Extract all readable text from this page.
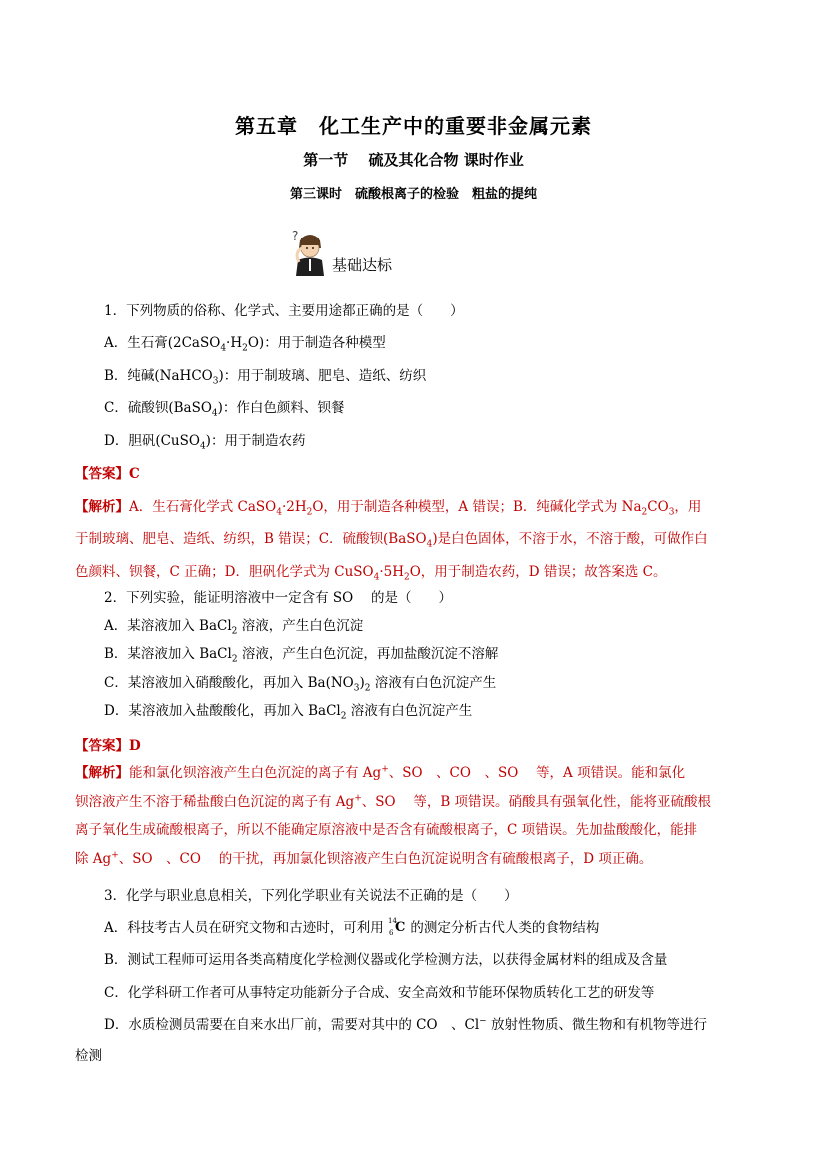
第五章　化工生产中的重要非金属元素
第一节　 硫及其化合物 课时作业
第三课时　硫酸根离子的检验　粗盐的提纯
?
基础达标
1．下列物质的俗称、化学式、主要用途都正确的是（　　）
A．生石膏$(2CaSO_4\cdot H_2O)$：用于制造各种模型
B．纯碱(NaHCO$_3$)：用于制玻璃、肥皂、造纸、纺织
C．硫酸钡(BaSO$_4$)：作白色颜料、钡餐
D．胆矾(CuSO$_4$)：用于制造农药
【答案】C
【解析】A．生石膏化学式 $CaSO_4\cdot 2H_2O$，用于制造各种模型，A 错误；B．纯碱化学式为 $Na_2CO_3$，用
于制玻璃、肥皂、造纸、纺织，B 错误；C．硫酸钡(BaSO$_4$)是白色固体，不溶于水，不溶于酸，可做作白
色颜料、钡餐，C 正确；D．胆矾化学式为 $CuSO_4\cdot 5H_2O$，用于制造农药，D 错误；故答案选 C。
2．下列实验，能证明溶液中一定含有 SO　 的是（　　）
A．某溶液加入 BaCl$_2$ 溶液，产生白色沉淀
B．某溶液加入 BaCl$_2$ 溶液，产生白色沉淀，再加盐酸沉淀不溶解
C．某溶液加入硝酸酸化，再加入 $Ba(NO_3)_2$ 溶液有白色沉淀产生
D．某溶液加入盐酸酸化，再加入 BaCl$_2$ 溶液有白色沉淀产生
【答案】D
【解析】能和氯化钡溶液产生白色沉淀的离子有 Ag+、SO　、CO　、SO　 等，A 项错误。能和氯化
钡溶液产生不溶于稀盐酸白色沉淀的离子有 Ag+、SO　 等，B 项错误。硝酸具有强氧化性，能将亚硫酸根
离子氧化生成硫酸根离子，所以不能确定原溶液中是否含有硫酸根离子，C 项错误。先加盐酸酸化，能排
除 Ag+、SO　、CO　 的干扰，再加氯化钡溶液产生白色沉淀说明含有硫酸根离子，D 项正确。
3．化学与职业息息相关，下列化学职业有关说法不正确的是（　　）
A．科技考古人员在研究文物和古迹时，可利用 14
6 C 的测定分析古代人类的食物结构
B．测试工程师可运用各类高精度化学检测仪器或化学检测方法，以获得金属材料的组成及含量
C．化学科研工作者可从事特定功能新分子合成、安全高效和节能环保物质转化工艺的研发等
D．水质检测员需要在自来水出厂前，需要对其中的 CO　、Cl− 放射性物质、微生物和有机物等进行
检测
